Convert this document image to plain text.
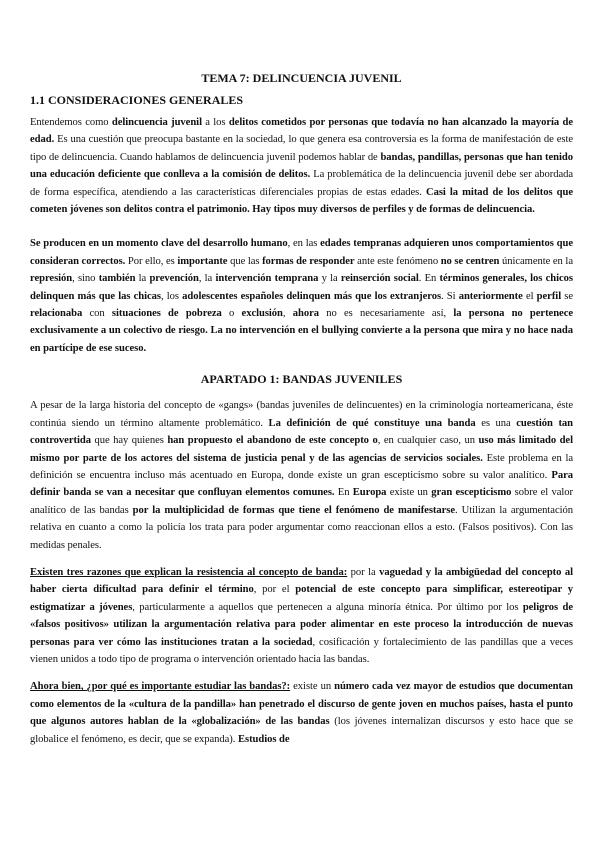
TEMA 7: DELINCUENCIA JUVENIL
1.1 CONSIDERACIONES GENERALES

Entendemos como delincuencia juvenil a los delitos cometidos por personas que todavía no han alcanzado la mayoría de edad. Es una cuestión que preocupa bastante en la sociedad, lo que genera esa controversia es la forma de manifestación de este tipo de delincuencia. Cuando hablamos de delincuencia juvenil podemos hablar de bandas, pandillas, personas que han tenido una educación deficiente que conlleva a la comisión de delitos. La problemática de la delincuencia juvenil debe ser abordada de forma específica, atendiendo a las características diferenciales propias de estas edades. Casi la mitad de los delitos que cometen jóvenes son delitos contra el patrimonio. Hay tipos muy diversos de perfiles y de formas de delincuencia.

Se producen en un momento clave del desarrollo humano, en las edades tempranas adquieren unos comportamientos que consideran correctos. Por ello, es importante que las formas de responder ante este fenómeno no se centren únicamente en la represión, sino también la prevención, la intervención temprana y la reinserción social. En términos generales, los chicos delinquen más que las chicas, los adolescentes españoles delinquen más que los extranjeros. Si anteriormente el perfil se relacionaba con situaciones de pobreza o exclusión, ahora no es necesariamente así, la persona no pertenece exclusivamente a un colectivo de riesgo. La no intervención en el bullying convierte a la persona que mira y no hace nada en partícipe de ese suceso.

APARTADO 1: BANDAS JUVENILES

A pesar de la larga historia del concepto de «gangs» (bandas juveniles de delincuentes) en la criminología norteamericana, éste continúa siendo un término altamente problemático. La definición de qué constituye una banda es una cuestión tan controvertida que hay quienes han propuesto el abandono de este concepto o, en cualquier caso, un uso más limitado del mismo por parte de los actores del sistema de justicia penal y de las agencias de servicios sociales. Este problema en la definición se encuentra incluso más acentuado en Europa, donde existe un gran escepticismo sobre su valor analítico. Para definir banda se van a necesitar que confluyan elementos comunes. En Europa existe un gran escepticismo sobre el valor analítico de las bandas por la multiplicidad de formas que tiene el fenómeno de manifestarse. Utilizan la argumentación relativa en cuanto a como la policía los trata para poder argumentar como reaccionan ellos a esto. (Falsos positivos). Con las medidas penales.

Existen tres razones que explican la resistencia al concepto de banda: por la vaguedad y la ambigüedad del concepto al haber cierta dificultad para definir el término, por el potencial de este concepto para simplificar, estereotipar y estigmatizar a jóvenes, particularmente a aquellos que pertenecen a alguna minoría étnica. Por último por los peligros de «falsos positivos» utilizan la argumentación relativa para poder alimentar en este proceso la introducción de nuevas personas para ver cómo las instituciones tratan a la sociedad, cosificación y fortalecimiento de las pandillas que a veces vienen unidos a todo tipo de programa o intervención orientado hacia las bandas.

Ahora bien, ¿por qué es importante estudiar las bandas?: existe un número cada vez mayor de estudios que documentan como elementos de la «cultura de la pandilla» han penetrado el discurso de gente joven en muchos países, hasta el punto que algunos autores hablan de la «globalización» de las bandas (los jóvenes internalizan discursos y esto hace que se globalice el fenómeno, es decir, que se expanda). Estudios de
